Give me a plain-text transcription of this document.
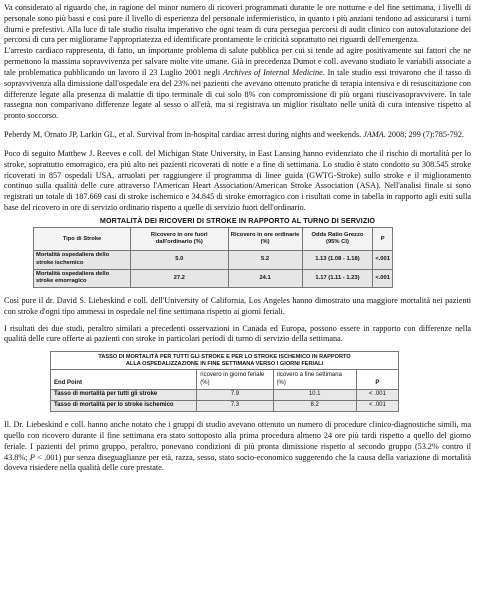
Va considerato al riguardo che, in ragione del minor numero di ricoveri programmati durante le ore notturne e del fine settimana, i livelli di personale sono più bassi e così pure il livello di esperienza del personale infermieristico, in quanto i più anziani tendono ad assicurarsi i turni diurni e prefestivi. Alla luce di tale studio risulta imperativo che ogni team di cura persegua percorsi di audit clinico con autovalutazione dei percorsi di cura per migliorarne l'appropriatezza ed identificare prontamente le criticità soprattutto nei riguardi dell'emergenza.

L'arresto cardiaco rappresenta, di fatto, un importante problema di salute pubblica per cui si tende ad agire positivamente sui fattori che ne permettono la massima sopravvivenza per salvare molte vite umane. Già in precedenza Dumot e coll. avevano studiato le variabili associate a tale problematica pubblicando un lavoro il 23 Luglio 2001 negli Archives of Internal Medicine. In tale studio essi trovarono che il tasso di sopravvivenza alla dimissione dall'ospedale era del 23% nei pazienti che avevano ottenuto pratiche di terapia intensiva e di resuscitazione con differenze legate alla presenza di malattie di tipo terminale di cui solo 8% con compromissione di più organi riuscivasopravvivere. In tale rassegna non comparivano differenze legate al sesso o all'età, ma si registrava un miglior risultato nelle unità di cura intensive rispetto al pronto soccorso.

Peberdy M, Ornato JP, Larkin GL, et al. Survival from in-hospital cardiac arrest during nights and weekends. JAMA. 2008; 299 (7):785-792.

Poco di seguito Matthew J. Reeves e coll. del Michigan State University, in East Lansing hanno evidenziato che il rischio di mortalità per lo stroke, soprattutto emorragico, era più alto nei pazienti ricoverati di notte e a fine di settimana. Lo studio è stato condotto su 308.545 stroke ricoverati in 857 ospedali USA, arruolati per raggiungere il programma di linee guida (GWTG-Stroke) sullo stroke e il miglioramento continuo sulla qualità delle cure attraverso l'American Heart Association/American Stroke Association (ASA). Nell'analisi finale si sono registrati un totale di 187.669 casi di stroke ischemico e 34.845 di stroke emorragico con i risultati come in tabella in rapporto agli esiti sulla base del ricovero in ore di servizio ordinario rispetto a quelle di servizio fuori dell'ordinario.

MORTALITÀ DEI RICOVERI DI STROKE IN RAPPORTO AL TURNO DI SERVIZIO
Tipo di Stroke	Ricovero in ore fuori dall'ordinario (%)	Ricovero in ore ordinarie (%)	Odds Ratio Grezzo (95% CI)	P
Mortalità ospedaliera dello stroke ischemico	5.0	5.2	1.13 (1.08 - 1.18)	<.001
Mortalità ospedaliera dello stroke emorragico	27.2	24.1	1.17 (1.11 - 1.23)	<.001

Così pure il dr. David S. Liebeskind e coll. dell'University of California, Los Angeles hanno dimostrato una maggiore mortalità nei pazienti con stroke d'ogni tipo ammessi in ospedale nel fine settimana rispetto ai giorni feriali.

I risultati dei due studi, peraltro similari a precedenti osservazioni in Canada ed Europa, possono essere in rapporto con differenze nella qualità delle cure offerte ai pazienti con stroke in particolari periodi di turno di servizio della settimana.

TASSO DI MORTALITÀ PER TUTTI GLI STROKE E PER LO STROKE ISCHEMICO IN RAPPORTO
ALLA OSPEDALIZZAZIONE IN FINE SETTIMANA VERSO I GIORNI FERIALI
End Point	ricovero in giorno feriale (%)	ricovero a fine settimana (%)	P
Tasso di mortalità per tutti gli stroke	7.9	10.1	< .001
Tasso di mortalità per lo stroke ischemico	7.3	8.2	< .001

Il. Dr. Liebeskind e coll. hanno anche notato che i gruppi di studio avevano ottenuto un numero di procedure clinico-diagnostiche simili, ma quello con ricovero durante il fine settimana era stato sottoposto alla prima procedura almeno 24 ore più tardi rispetto a quello del giorno feriale. I pazienti del primo gruppo, peraltro, ponevano condizioni di più pronta dimissione rispetto al secondo gruppo (53.2% contro il 43.8%; P < .001) pur senza diseguaglianze per età, razza, sesso, stato socio-economico suggerendo che la causa della variazione di mortalità doveva risiedere nella qualità delle cure prestate.
